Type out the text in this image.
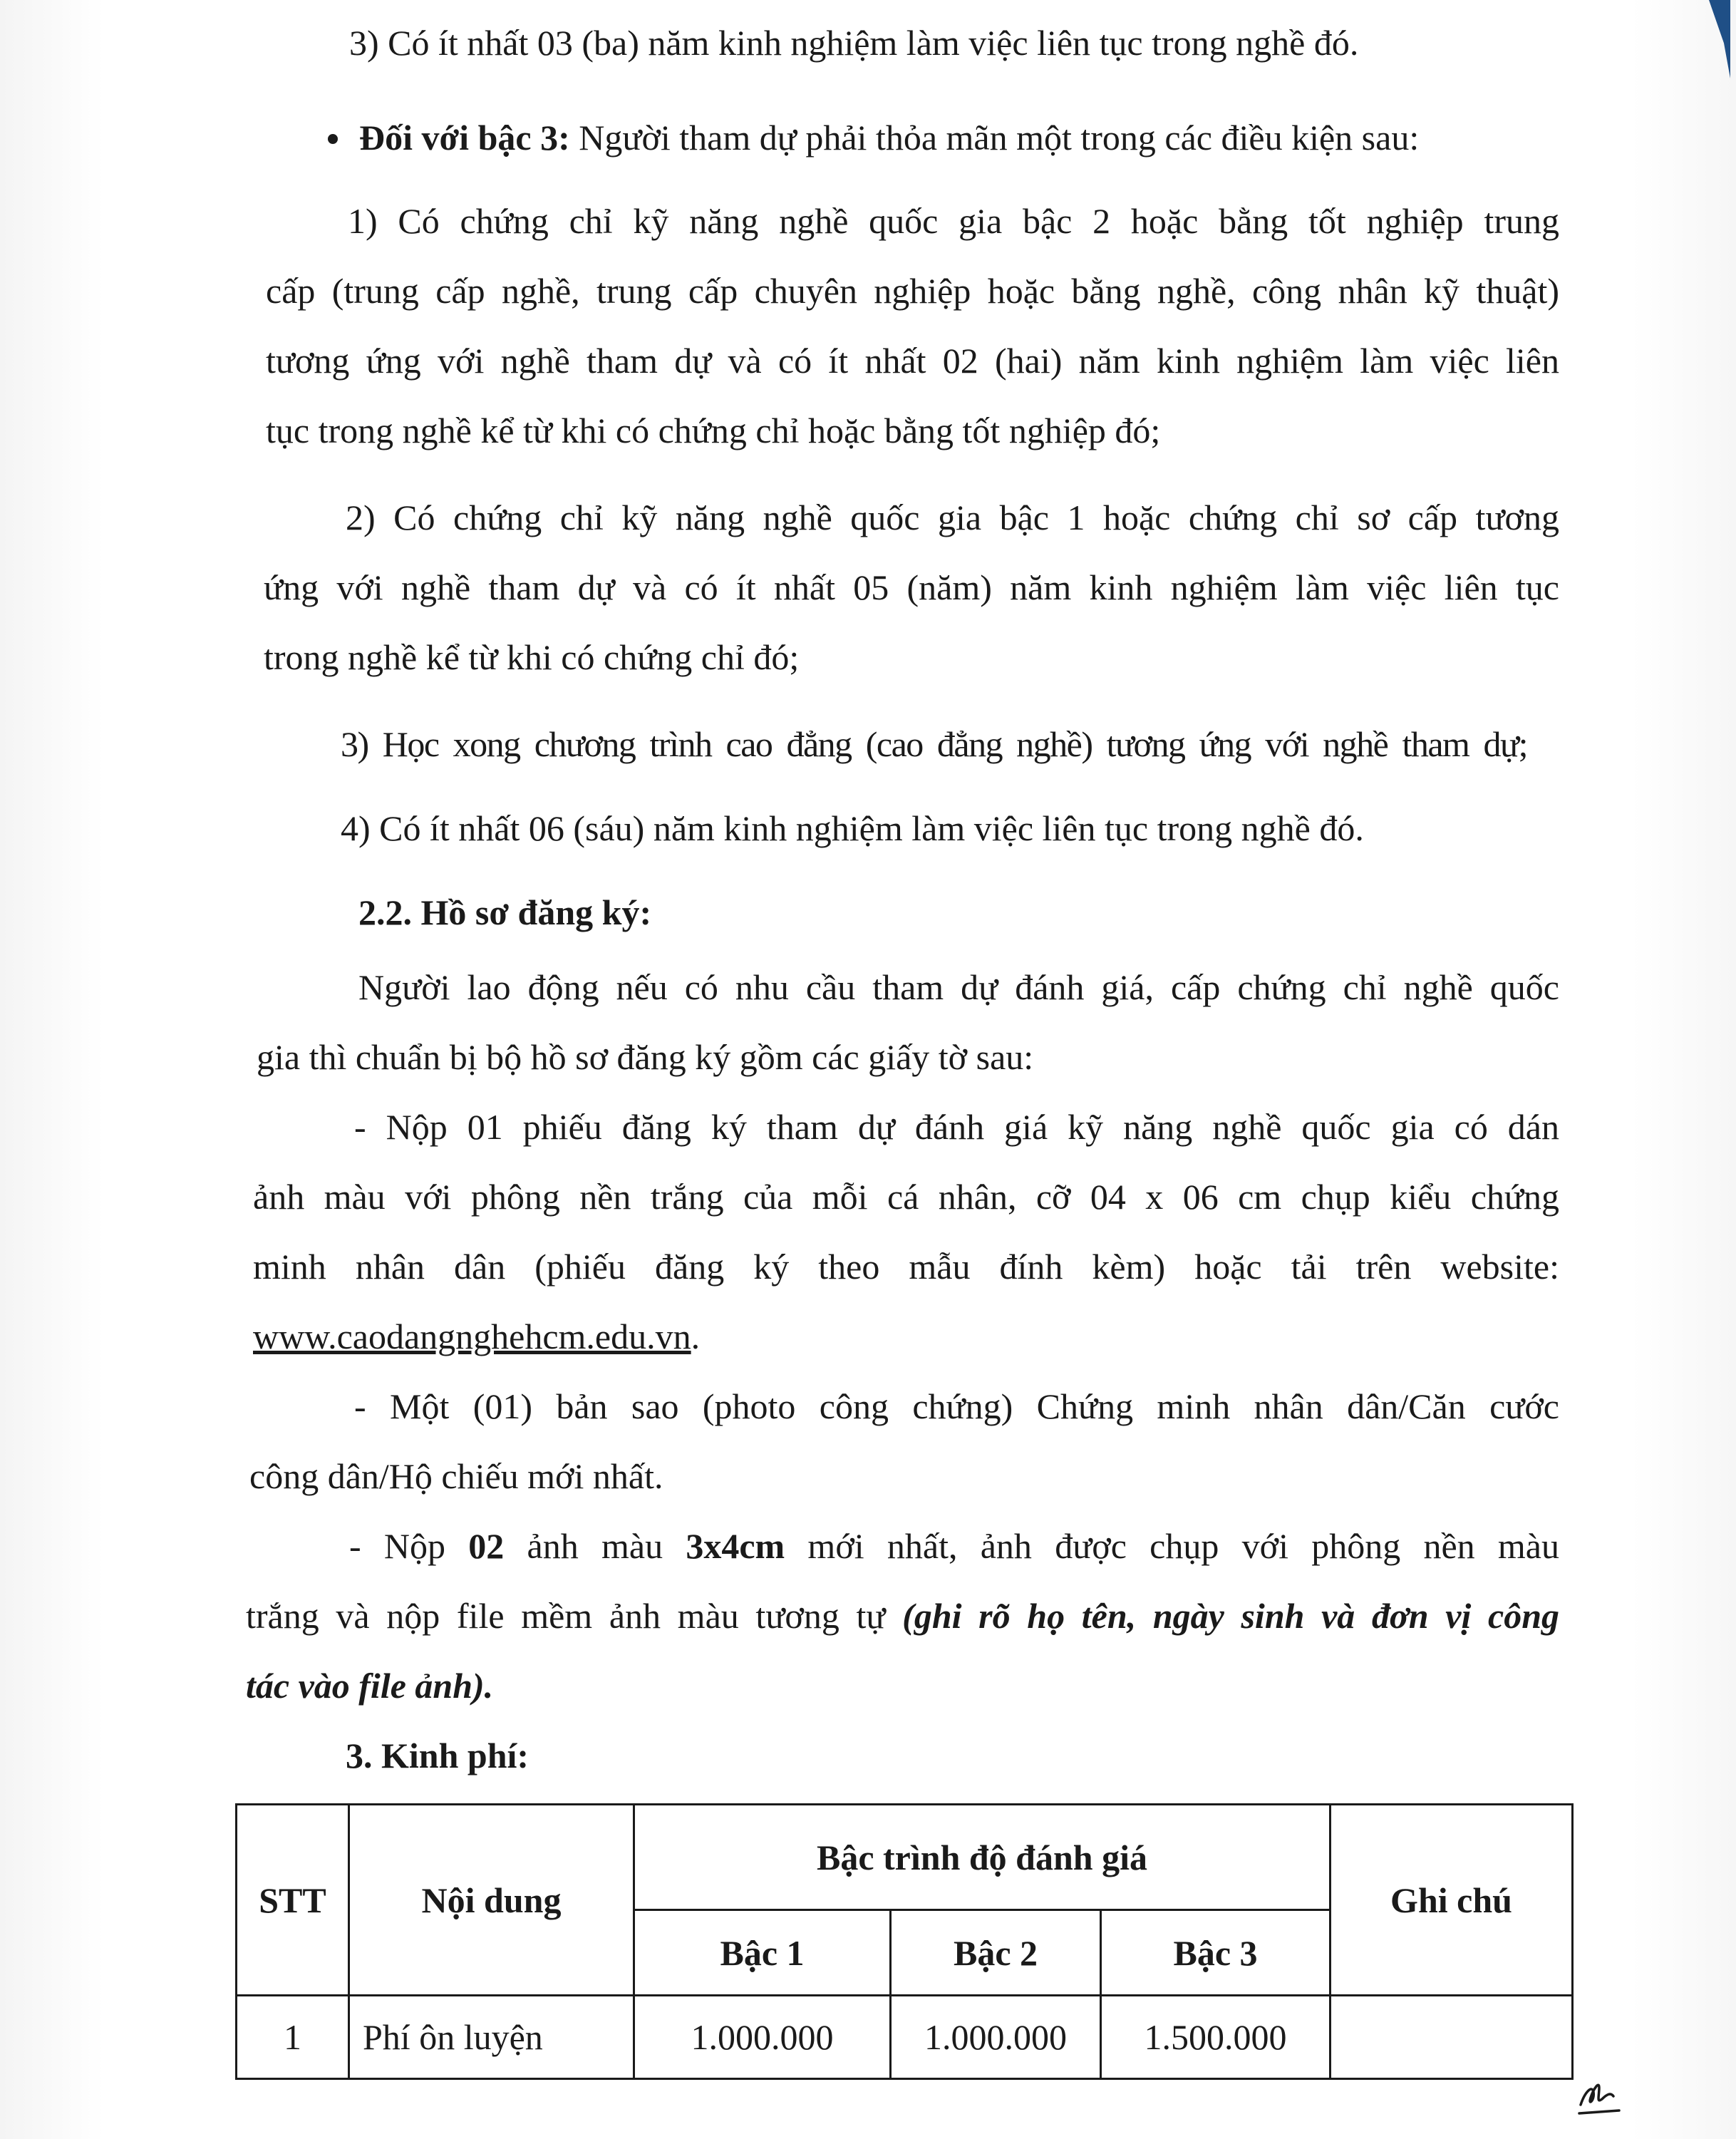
3) Có ít nhất 03 (ba) năm kinh nghiệm làm việc liên tục trong nghề đó.
Đối với bậc 3: Người tham dự phải thỏa mãn một trong các điều kiện sau:
1) Có chứng chỉ kỹ năng nghề quốc gia bậc 2 hoặc bằng tốt nghiệp trung
cấp (trung cấp nghề, trung cấp chuyên nghiệp hoặc bằng nghề, công nhân kỹ thuật)
tương ứng với nghề tham dự và có ít nhất 02 (hai) năm kinh nghiệm làm việc liên
tục trong nghề kể từ khi có chứng chỉ hoặc bằng tốt nghiệp đó;
2) Có chứng chỉ kỹ năng nghề quốc gia bậc 1 hoặc chứng chỉ sơ cấp tương
ứng với nghề tham dự và có ít nhất 05 (năm) năm kinh nghiệm làm việc liên tục
trong nghề kể từ khi có chứng chỉ đó;
3) Học xong chương trình cao đẳng (cao đẳng nghề) tương ứng với nghề tham dự;
4) Có ít nhất 06 (sáu) năm kinh nghiệm làm việc liên tục trong nghề đó.
2.2. Hồ sơ đăng ký:
Người lao động nếu có nhu cầu tham dự đánh giá, cấp chứng chỉ nghề quốc
gia thì chuẩn bị bộ hồ sơ đăng ký gồm các giấy tờ sau:
- Nộp 01 phiếu đăng ký tham dự đánh giá kỹ năng nghề quốc gia có dán
ảnh màu với phông nền trắng của mỗi cá nhân, cỡ 04 x 06 cm chụp kiểu chứng
minh nhân dân (phiếu đăng ký theo mẫu đính kèm) hoặc tải trên website:
www.caodangnghehcm.edu.vn.
- Một (01) bản sao (photo công chứng) Chứng minh nhân dân/Căn cước
công dân/Hộ chiếu mới nhất.
- Nộp 02 ảnh màu 3x4cm mới nhất, ảnh được chụp với phông nền màu
trắng và nộp file mềm ảnh màu tương tự (ghi rõ họ tên, ngày sinh và đơn vị công
tác vào file ảnh).
3. Kinh phí:
STT	Nội dung	Bậc trình độ đánh giá			Ghi chú
		Bậc 1	Bậc 2	Bậc 3	
1	Phí ôn luyện	1.000.000	1.000.000	1.500.000	
